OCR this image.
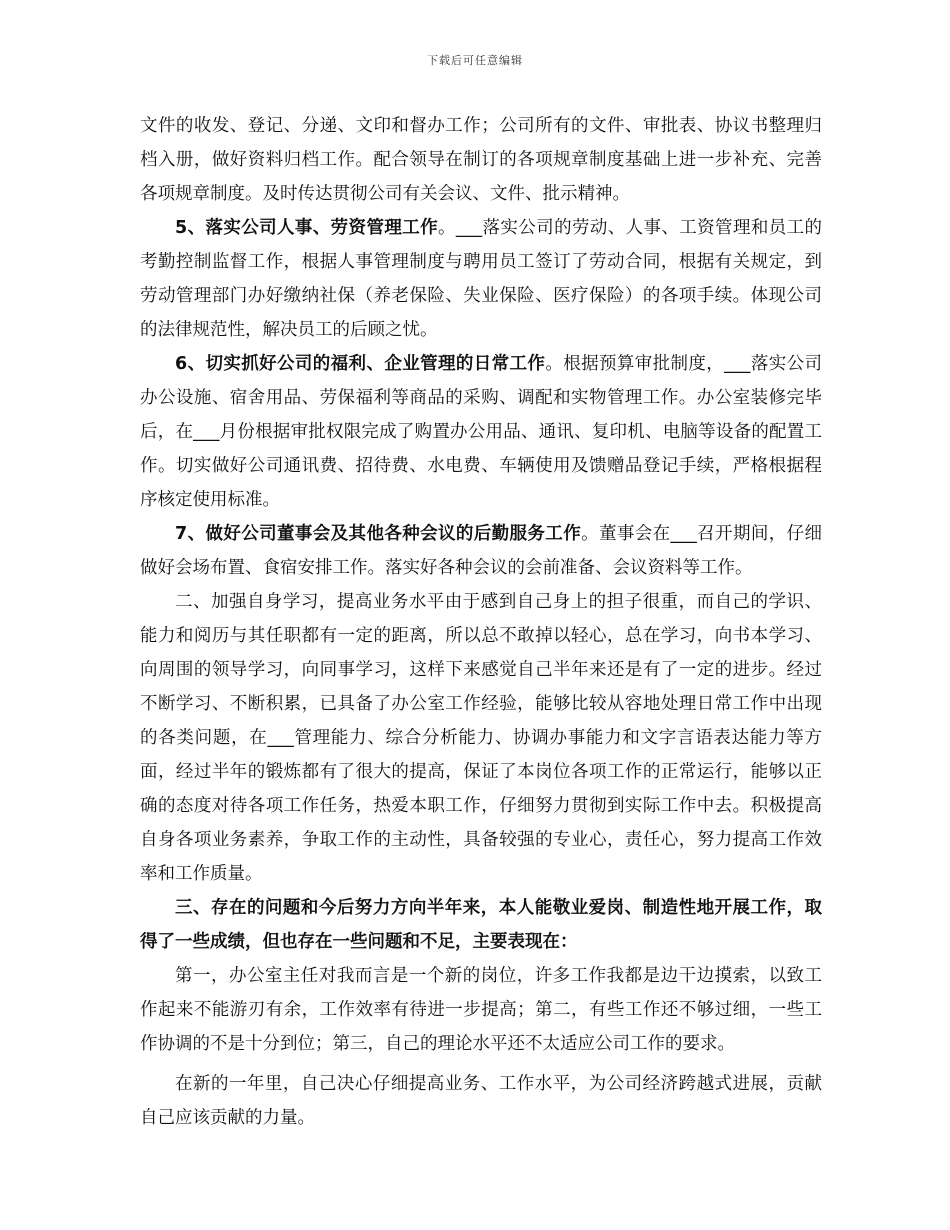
下载后可任意编辑

文件的收发、登记、分递、文印和督办工作；公司所有的文件、审批表、协议书整理归档入册，做好资料归档工作。配合领导在制订的各项规章制度基础上进一步补充、完善各项规章制度。及时传达贯彻公司有关会议、文件、批示精神。

5、落实公司人事、劳资管理工作。___落实公司的劳动、人事、工资管理和员工的考勤控制监督工作，根据人事管理制度与聘用员工签订了劳动合同，根据有关规定，到劳动管理部门办好缴纳社保（养老保险、失业保险、医疗保险）的各项手续。体现公司的法律规范性，解决员工的后顾之忧。

6、切实抓好公司的福利、企业管理的日常工作。根据预算审批制度，___落实公司办公设施、宿舍用品、劳保福利等商品的采购、调配和实物管理工作。办公室装修完毕后，在___月份根据审批权限完成了购置办公用品、通讯、复印机、电脑等设备的配置工作。切实做好公司通讯费、招待费、水电费、车辆使用及馈赠品登记手续，严格根据程序核定使用标准。

7、做好公司董事会及其他各种会议的后勤服务工作。董事会在___召开期间，仔细做好会场布置、食宿安排工作。落实好各种会议的会前准备、会议资料等工作。

二、加强自身学习，提高业务水平由于感到自己身上的担子很重，而自己的学识、能力和阅历与其任职都有一定的距离，所以总不敢掉以轻心，总在学习，向书本学习、向周围的领导学习，向同事学习，这样下来感觉自己半年来还是有了一定的进步。经过不断学习、不断积累，已具备了办公室工作经验，能够比较从容地处理日常工作中出现的各类问题，在___管理能力、综合分析能力、协调办事能力和文字言语表达能力等方面，经过半年的锻炼都有了很大的提高，保证了本岗位各项工作的正常运行，能够以正确的态度对待各项工作任务，热爱本职工作，仔细努力贯彻到实际工作中去。积极提高自身各项业务素养，争取工作的主动性，具备较强的专业心，责任心，努力提高工作效率和工作质量。

三、存在的问题和今后努力方向半年来，本人能敬业爱岗、制造性地开展工作，取得了一些成绩，但也存在一些问题和不足，主要表现在：

第一，办公室主任对我而言是一个新的岗位，许多工作我都是边干边摸索，以致工作起来不能游刃有余，工作效率有待进一步提高；第二，有些工作还不够过细，一些工作协调的不是十分到位；第三，自己的理论水平还不太适应公司工作的要求。

在新的一年里，自己决心仔细提高业务、工作水平，为公司经济跨越式进展，贡献自己应该贡献的力量。
